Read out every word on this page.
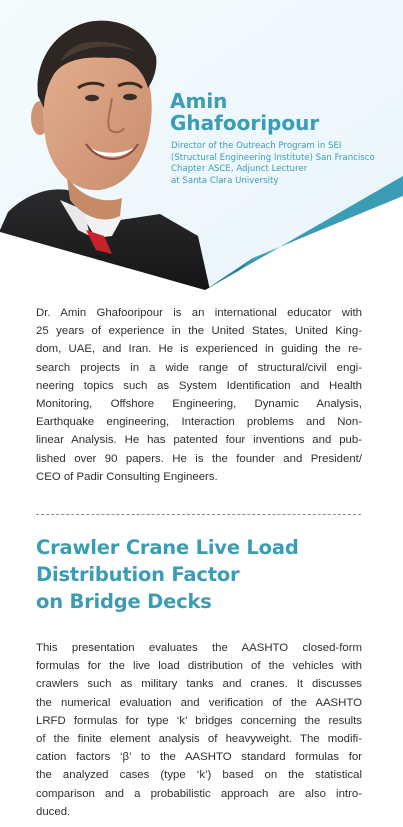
Amin
Ghafooripour

Director of the Outreach Program in SEI
(Structural Engineering Institute) San Francisco
Chapter ASCE, Adjunct Lecturer
at Santa Clara University

Dr. Amin Ghafooripour is an international educator with
25 years of experience in the United States, United King-
dom, UAE, and Iran. He is experienced in guiding the re-
search projects in a wide range of structural/civil engi-
neering topics such as System Identification and Health
Monitoring, Offshore Engineering, Dynamic Analysis,
Earthquake engineering, Interaction problems and Non-
linear Analysis. He has patented four inventions and pub-
lished over 90 papers. He is the founder and President/
CEO of Padir Consulting Engineers.

Crawler Crane Live Load
Distribution Factor
on Bridge Decks

This presentation evaluates the AASHTO closed-form
formulas for the live load distribution of the vehicles with
crawlers such as military tanks and cranes. It discusses
the numerical evaluation and verification of the AASHTO
LRFD formulas for type ‘k’ bridges concerning the results
of the finite element analysis of heavyweight. The modifi-
cation factors ‘β’ to the AASHTO standard formulas for
the analyzed cases (type ‘k’) based on the statistical
comparison and a probabilistic approach are also intro-
duced.
